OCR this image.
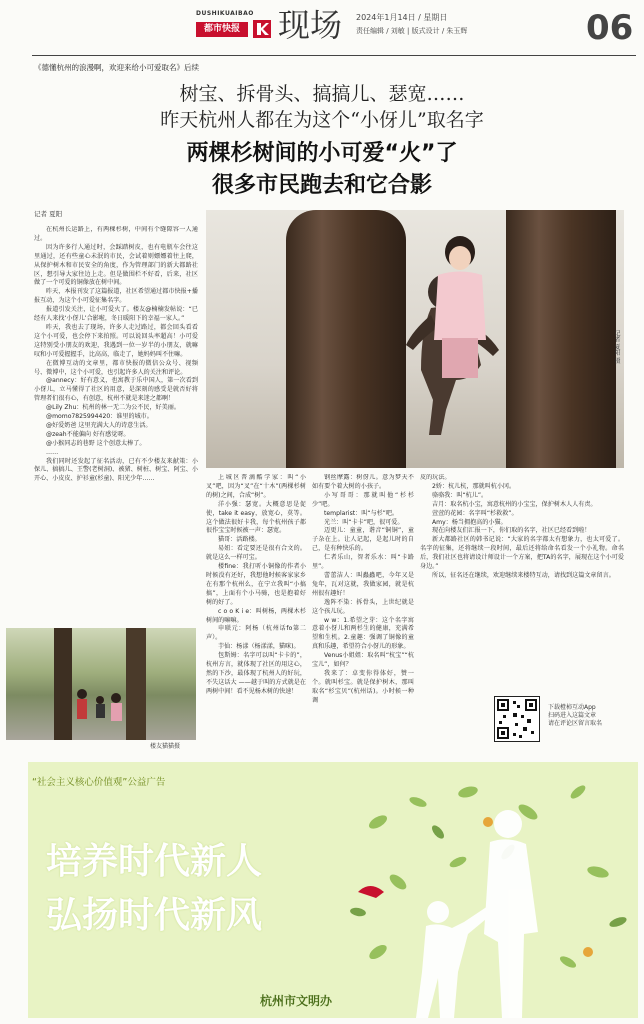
DUSHIKUAIBAO
都市快报 现场 2024年1月14日 / 星期日
责任编辑 / 刘敏 | 版式设计 / 朱玉辉	06
《德懂杭州的浪漫啊，欢迎来给小可爱取名》后续
树宝、拆骨头、搞搞儿、瑟宽……
昨天杭州人都在为这个“小伢儿”取名字
两棵杉树间的小可爱“火”了
很多市民跑去和它合影
记者 夏阳
记者 夏阳 摄

在杭州长运路上，有两棵杉树，中间有个缝隙容一人通过。

因为许多行人通过时，会踩踏树皮，也有电瓶车会往这里通过，还有些童心未泯的市民，会试着则嫖嫖着往上爬，从保护树木和市民安全的角度，作为管理部门的新大都路社区，想引导大家往边上走。但是做围栏不好看，后来，社区做了一个可爱的铜像放在树中间。

昨天，本报刊发了这篇报道，社区希望通过都市快报+播报互动，为这个小可爱征集名字。

报道引发关注，让小可爱火了。楼友@楠楠发帖说：“已经有人来找‘小伢儿’合影啦，冬日暖阳下的幸福一家人。”

昨天，我也去了现场，许多人走过路过，都会回头看看这个小可爱，也会停下来拍照。可以说回头率超高！小可爱这特别受小朋友的欢迎，我遇到一位一岁半的小朋友，就嘛叹和小可爱握握手，比高高，临走了，她妈妈叫不住嘛。

在微博互动的文章里，都市快报的微信公众号、视频号、微博中，这个小可爱，也引起许多人的关注和评论。

@annecy：好有意义，也寓教于乐中国人，第一次看到小伢儿，立马懂得了社区的用意，是深刻的感受是就否好将管理者们很有心，有创意，杭州不就是来迷之都啊！

@Lily Zhu：杭州的林一无二为公不民，好美丽。

@momo7825994420：谁里的城市。

@好爱奶爸 这里充满大人的诗意生活。

@zeah不能偏向 好有感觉呀。

@小猴同志的巷野 这个创意太棒了。

……

我们同时还发起了征名活动，已有不少楼友来献策：小保儿、搞搞儿、王警(老树洞)、被猪、树桩、树宝、阿宝、小开心、小皮皮、护衫童(杉童)、阳光少年……

楼友猫猫摄

上城区普滴酷学家：叫“小叉”吧，因为“叉”在“十木”(两棵杉树的树)之间，合成“树”。

洋小强：瑟宽。大概意思是促使，take it easy，放宽心，莫等。这个做法很好卡我，每个杭州孩子都很作宝宝时候被一声：瑟宽。

猫哥：活路楼。

易妞：看定要还是很有合文的。就是这么一样可宝。

楼fine：我打听小铜像的作者小时候没有还好，我想他时候客家家乡在有那个杭州么，在宁立我叫“小搞搞”，上面有个小马骑，也是抱着好树的好了。

c o o K i e：叫树杨，两棵木杉树间的嘛嘛。

申联元：阿杨（杭州话fo第二声）。

芋仙：杨漾（杨漾漾，猫咪)。

包斯姆：名字可以叫“卡卡的”，杭州方言，就体现了社区的用这心，然的下沙，最体现了杭州人的好玩，不失这话大 ——越于叫的方式就是在两树中间！看不见杨木树的快速！

钢丝摩露：树伢儿。意为梦天不如有要个着大树的小孩子。

小写哥哥：那就叫他“杉杉少”吧。

templarist：叫“与杉”吧。

光兰：叫“卡卡”吧，很可爱。

迈更儿：童童，谐音“铜铜”，童子杂在上。让人记起，是起儿时的自己，是有种快乐的。

仁者乐山，智者乐水：叫“卡路里”。

蕾蕾洁人：叫蟲蟲吧，今年又是兔年，瓦对这就，我做家园，就是杭州很有趣好！

逸阵不染：拆骨头，上世纪就是这个孩儿玩。

w w：1.希望之芽：这个名字寓意着小伢儿和两杉生的健康，充满希望和生机。2.童趣：强调了铜像的童真和乐趣，希望符合小伢儿的形象。

Venus小姐姐：取名叫“杭宝”“杭宝儿”，如何？

我来了：卓变你得体好，赞一个。就叫杉宝。就是保护树木，那叫取名“杉宝贝”(杭州话)。小时候一种调

皮的玩法。

2娇：杭儿杭，那就叫杭小冈。

骆骆我：叫“杭儿”。

吉月：取名杭小宝，寓意杭州的小宝宝，保护树木人人有责。

萱萱的花园：名字叫“杉救救”。

Amy：杨当拥抱高的小猫。

现在向楼友们汇报一下，你们取的名字，社区已经看到啦！

新大都路社区的韩书记说：“大家的名字都太有想象力，也太可爱了。名字的征集，还将继续一段时间，最后还将给命名看发一个小礼物。命名后，我们社区也将请设计师设计一个方案，把TA的名字，展现在这个小可爱身边。”

所以，征名还在继续，欢迎继续来楼特互动，请找到这篇文章留言。

下载橙柿互动App
扫码进入这篇文章
请在评论区留言取名
“社会主义核心价值观”公益广告
培养时代新人
弘扬时代新风
杭州市文明办
